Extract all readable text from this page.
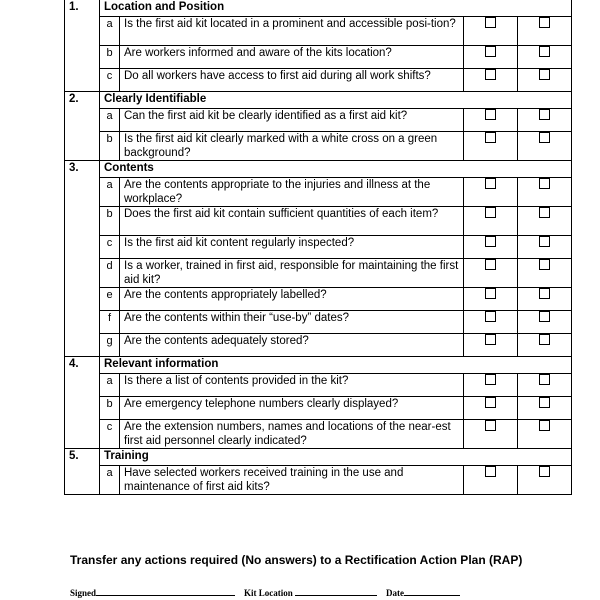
1.	Location and Position			
	a	Is the first aid kit located in a prominent and accessible posi-tion?		
	b	Are workers informed and aware of the kits location?		
	c	Do all workers have access to first aid during all work shifts?		
2.	Clearly Identifiable			
	a	Can the first aid kit be clearly identified as a first aid kit?		
	b	Is the first aid kit clearly marked with a white cross on a green background?		
3.	Contents			
	a	Are the contents appropriate to the injuries and illness at the workplace?		
	b	Does the first aid kit contain sufficient quantities of each item?		
	c	Is the first aid kit content regularly inspected?		
	d	Is a worker, trained in first aid, responsible for maintaining the first aid kit?		
	e	Are the contents appropriately labelled?		
	f	Are the contents within their “use-by” dates?		
	g	Are the contents adequately stored?		
4.	Relevant information			
	a	Is there a list of contents provided in the kit?		
	b	Are emergency telephone numbers clearly displayed?		
	c	Are the extension numbers, names and locations of the near-est first aid personnel clearly indicated?		
5.	Training			
	a	Have selected workers received training in the use and maintenance of first aid kits?		
Transfer any actions required (No answers) to a Rectification Action Plan (RAP)
Signed	Kit Location	Date
